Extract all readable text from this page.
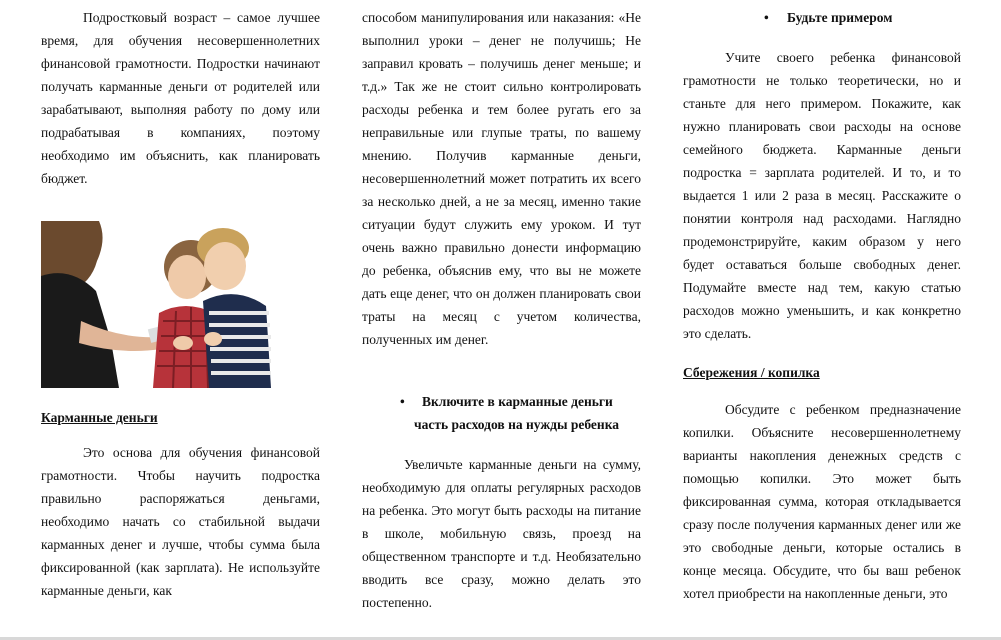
Подростковый возраст – самое лучшее время, для обучения несовершеннолетних финансовой грамотности. Подростки начинают получать карманные деньги от родителей или зарабатывают, выполняя работу по дому или подрабатывая в компаниях, поэтому необходимо им объяснить, как планировать бюджет.

Карманные деньги

Это основа для обучения финансовой грамотности. Чтобы научить подростка правильно распоряжаться деньгами, необходимо начать со стабильной выдачи карманных денег и лучше, чтобы сумма была фиксированной (как зарплата). Не используйте карманные деньги, как

способом манипулирования или наказания: «Не выполнил уроки – денег не получишь; Не заправил кровать – получишь денег меньше; и т.д.» Так же не стоит сильно контролировать расходы ребенка и тем более ругать его за неправильные или глупые траты, по вашему мнению. Получив карманные деньги, несовершеннолетний может потратить их всего за несколько дней, а не за месяц, именно такие ситуации будут служить ему уроком. И тут очень важно правильно донести информацию до ребенка, объяснив ему, что вы не можете дать еще денег, что он должен планировать свои траты на месяц с учетом количества, полученных им денег.

•	Включите в карманные деньги
часть расходов на нужды ребенка

Увеличьте карманные деньги на сумму, необходимую для оплаты регулярных расходов на ребенка. Это могут быть расходы на питание в школе, мобильную связь, проезд на общественном транспорте и т.д. Необязательно вводить все сразу, можно делать это постепенно.

•	Будьте примером

Учите своего ребенка финансовой грамотности не только теоретически, но и станьте для него примером. Покажите, как нужно планировать свои расходы на основе семейного бюджета. Карманные деньги подростка = зарплата родителей. И то, и то выдается 1 или 2 раза в месяц. Расскажите о понятии контроля над расходами. Наглядно продемонстрируйте, каким образом у него будет оставаться больше свободных денег. Подумайте вместе над тем, какую статью расходов можно уменьшить, и как конкретно это сделать.

Сбережения / копилка

Обсудите с ребенком предназначение копилки. Объясните несовершеннолетнему варианты накопления денежных средств с помощью копилки. Это может быть фиксированная сумма, которая откладывается сразу после получения карманных денег или же это свободные деньги, которые остались в конце месяца. Обсудите, что бы ваш ребенок хотел приобрести на накопленные деньги, это
